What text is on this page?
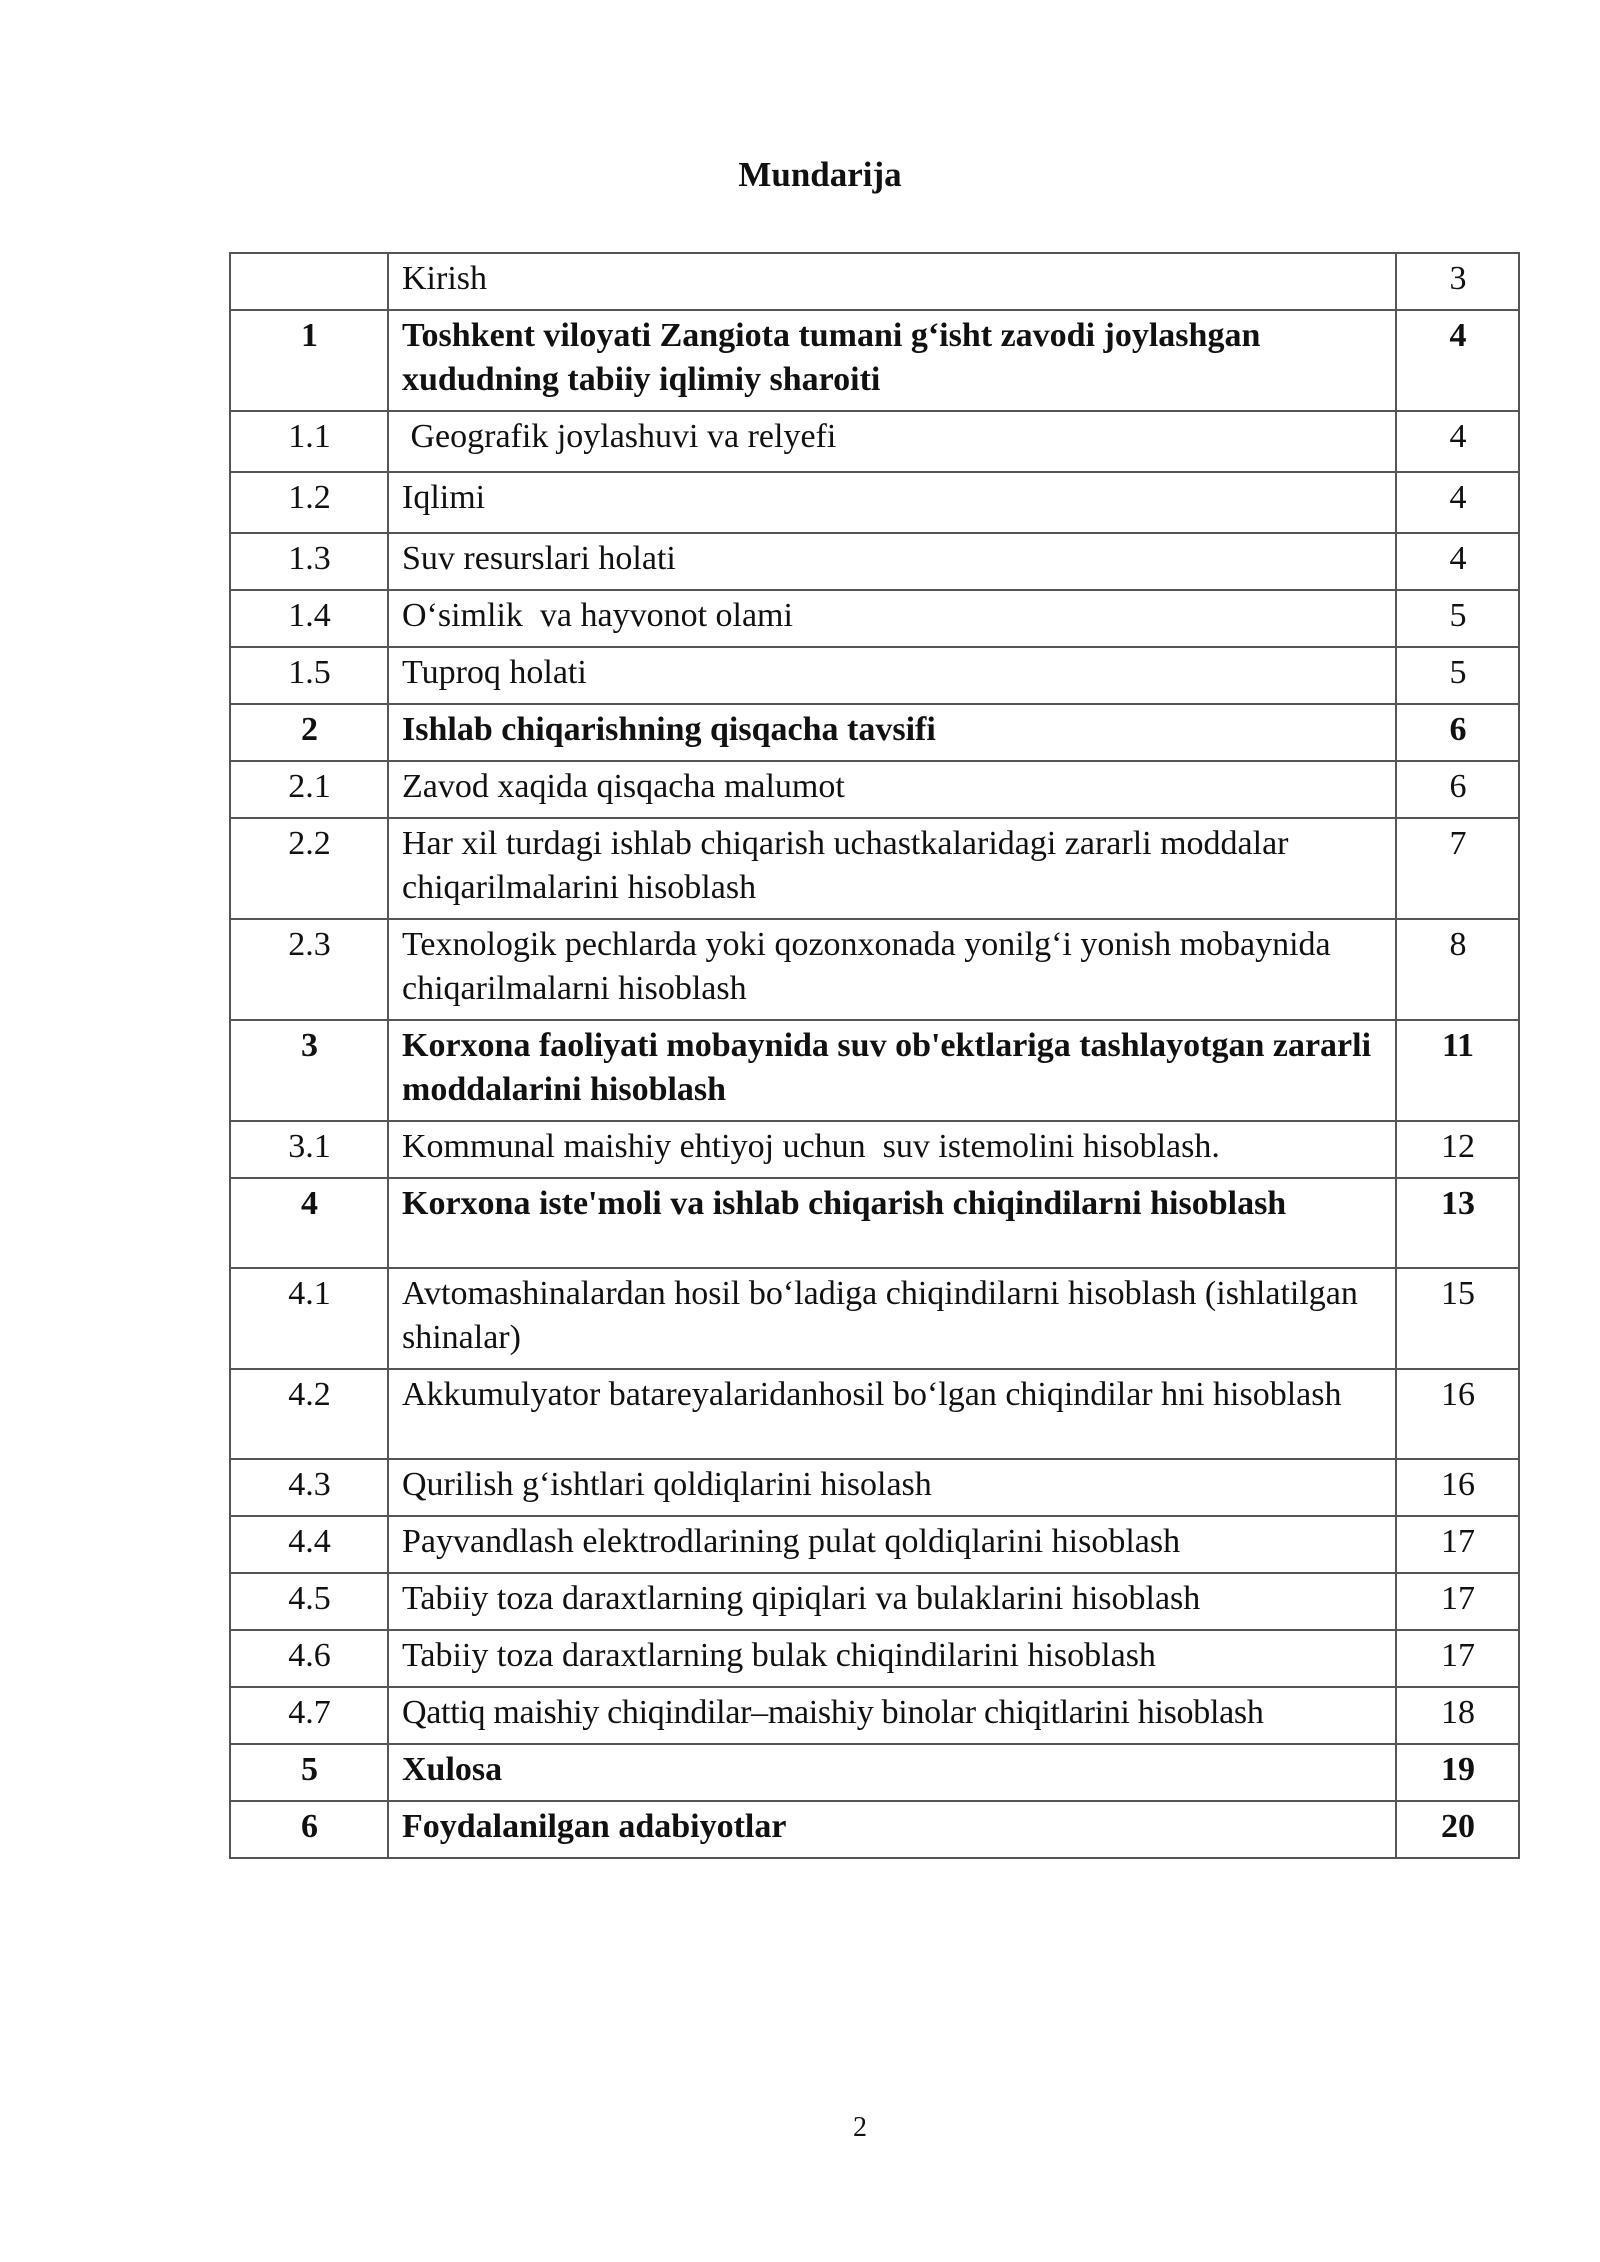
Mundarija
	Kirish	3
1	Toshkent viloyati Zangiota tumani g‘isht zavodi joylashgan xududning tabiiy iqlimiy sharoiti	4
1.1	Geografik joylashuvi va relyefi	4
1.2	Iqlimi	4
1.3	Suv resurslari holati	4
1.4	O‘simlik  va hayvonot olami	5
1.5	Tuproq holati	5
2	Ishlab chiqarishning qisqacha tavsifi	6
2.1	Zavod xaqida qisqacha malumot	6
2.2	Har xil turdagi ishlab chiqarish uchastkalaridagi zararli moddalar chiqarilmalarini hisoblash	7
2.3	Texnologik pechlarda yoki qozonxonada yonilg‘i yonish mobaynida chiqarilmalarni hisoblash	8
3	Korxona faoliyati mobaynida suv ob'ektlariga tashlayotgan zararli moddalarini hisoblash	11
3.1	Kommunal maishiy ehtiyoj uchun  suv istemolini hisoblash.	12
4	Korxona iste'moli va ishlab chiqarish chiqindilarni hisoblash	13
4.1	Avtomashinalardan hosil bo‘ladiga chiqindilarni hisoblash (ishlatilgan shinalar)	15
4.2	Akkumulyator batareyalaridanhosil bo‘lgan chiqindilar hni hisoblash	16
4.3	Qurilish g‘ishtlari qoldiqlarini hisolash	16
4.4	Payvandlash elektrodlarining pulat qoldiqlarini hisoblash	17
4.5	Tabiiy toza daraxtlarning qipiqlari va bulaklarini hisoblash	17
4.6	Tabiiy toza daraxtlarning bulak chiqindilarini hisoblash	17
4.7	Qattiq maishiy chiqindilar–maishiy binolar chiqitlarini hisoblash	18
5	Xulosa	19
6	Foydalanilgan adabiyotlar	20
2
